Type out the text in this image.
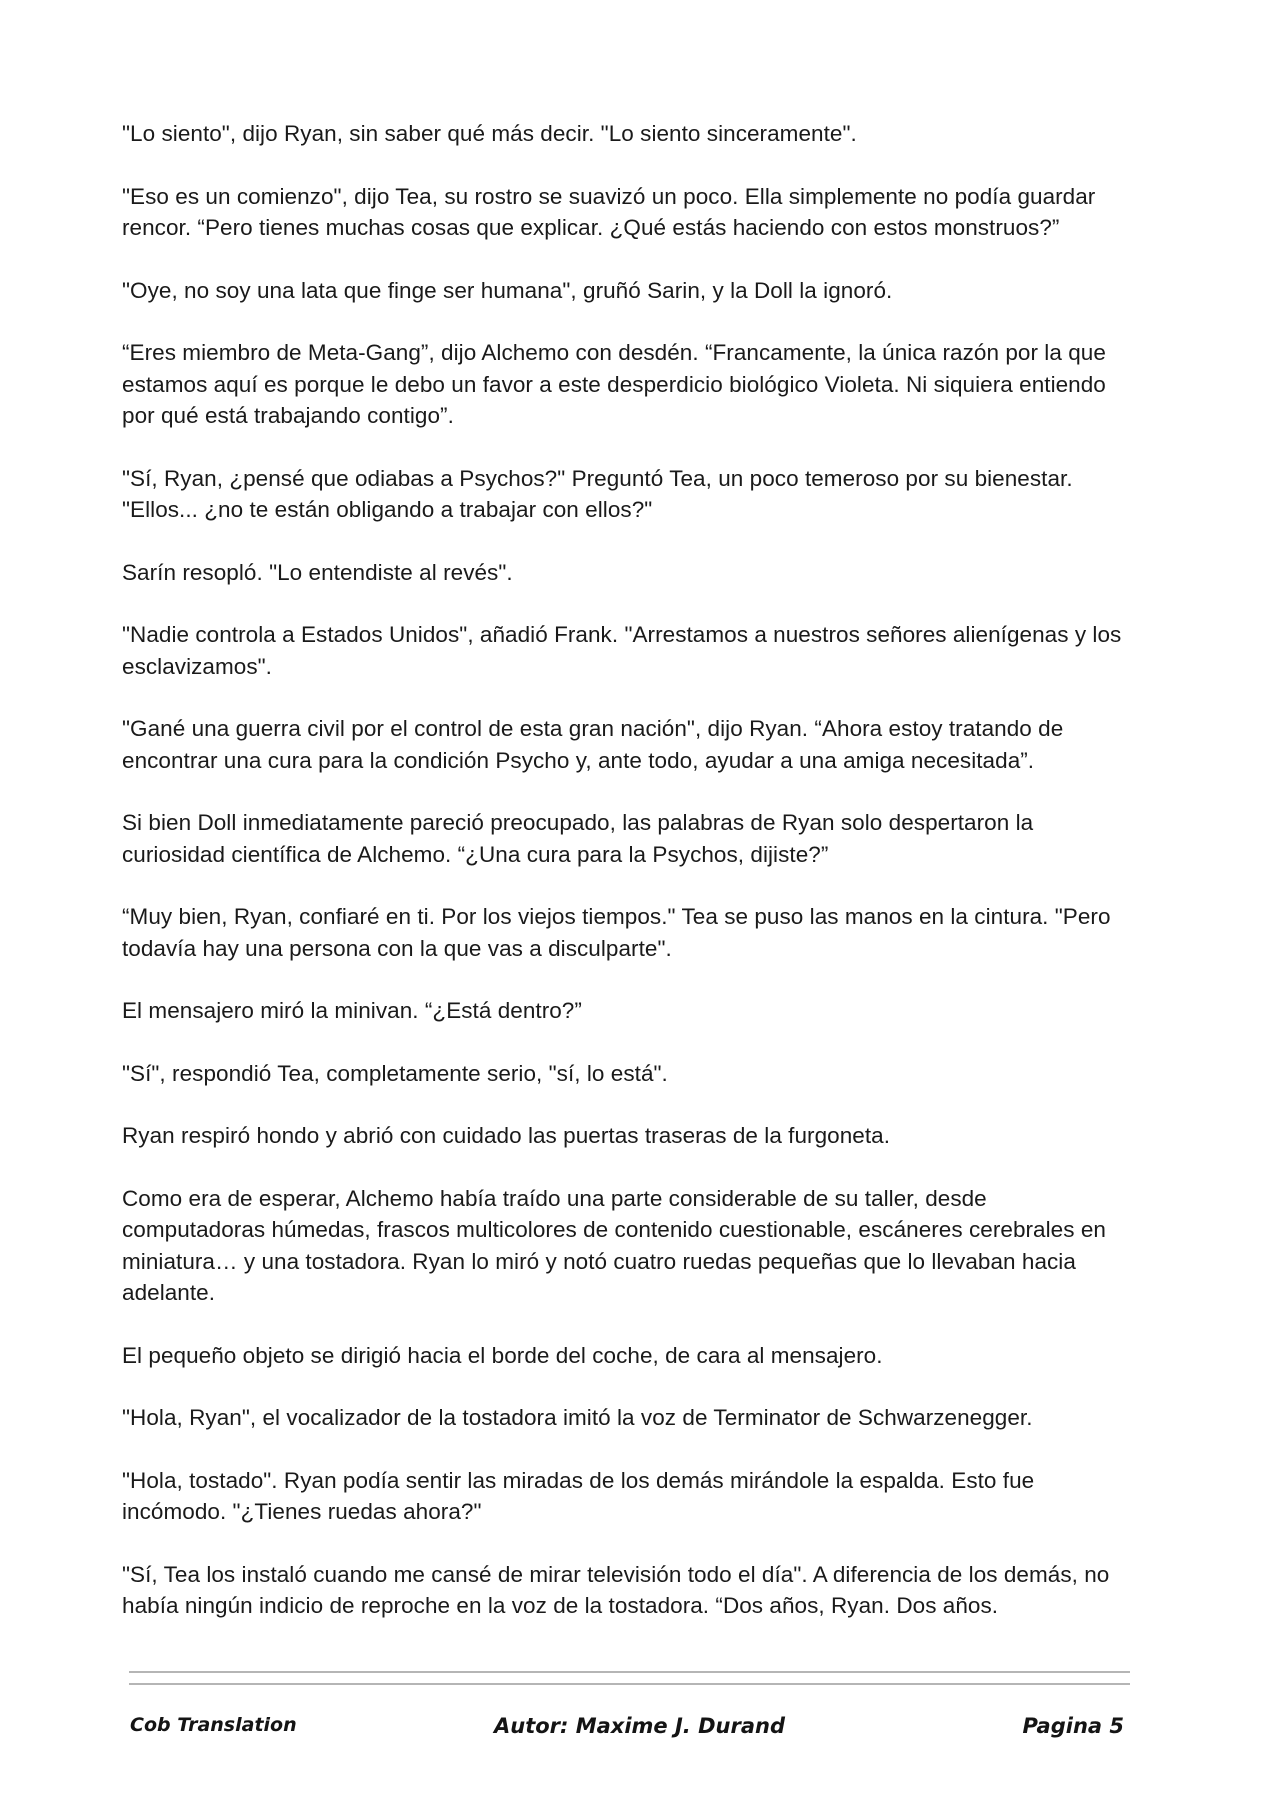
"Lo siento", dijo Ryan, sin saber qué más decir. "Lo siento sinceramente".

"Eso es un comienzo", dijo Tea, su rostro se suavizó un poco. Ella simplemente no podía guardar rencor. “Pero tienes muchas cosas que explicar. ¿Qué estás haciendo con estos monstruos?”

"Oye, no soy una lata que finge ser humana", gruñó Sarin, y la Doll la ignoró.

“Eres miembro de Meta-Gang”, dijo Alchemo con desdén. “Francamente, la única razón por la que estamos aquí es porque le debo un favor a este desperdicio biológico Violeta. Ni siquiera entiendo por qué está trabajando contigo”.

"Sí, Ryan, ¿pensé que odiabas a Psychos?" Preguntó Tea, un poco temeroso por su bienestar. "Ellos... ¿no te están obligando a trabajar con ellos?"

Sarín resopló. "Lo entendiste al revés".

"Nadie controla a Estados Unidos", añadió Frank. "Arrestamos a nuestros señores alienígenas y los esclavizamos".

"Gané una guerra civil por el control de esta gran nación", dijo Ryan. “Ahora estoy tratando de encontrar una cura para la condición Psycho y, ante todo, ayudar a una amiga necesitada”.

Si bien Doll inmediatamente pareció preocupado, las palabras de Ryan solo despertaron la curiosidad científica de Alchemo. “¿Una cura para la Psychos, dijiste?”

“Muy bien, Ryan, confiaré en ti. Por los viejos tiempos." Tea se puso las manos en la cintura. "Pero todavía hay una persona con la que vas a disculparte".

El mensajero miró la minivan. “¿Está dentro?”

"Sí", respondió Tea, completamente serio, "sí, lo está".

Ryan respiró hondo y abrió con cuidado las puertas traseras de la furgoneta.

Como era de esperar, Alchemo había traído una parte considerable de su taller, desde computadoras húmedas, frascos multicolores de contenido cuestionable, escáneres cerebrales en miniatura… y una tostadora. Ryan lo miró y notó cuatro ruedas pequeñas que lo llevaban hacia adelante.

El pequeño objeto se dirigió hacia el borde del coche, de cara al mensajero.

"Hola, Ryan", el vocalizador de la tostadora imitó la voz de Terminator de Schwarzenegger.

"Hola, tostado". Ryan podía sentir las miradas de los demás mirándole la espalda. Esto fue incómodo. "¿Tienes ruedas ahora?"

"Sí, Tea los instaló cuando me cansé de mirar televisión todo el día". A diferencia de los demás, no había ningún indicio de reproche en la voz de la tostadora. “Dos años, Ryan. Dos años.

Cob Translation	Autor: Maxime J. Durand	Pagina 5
